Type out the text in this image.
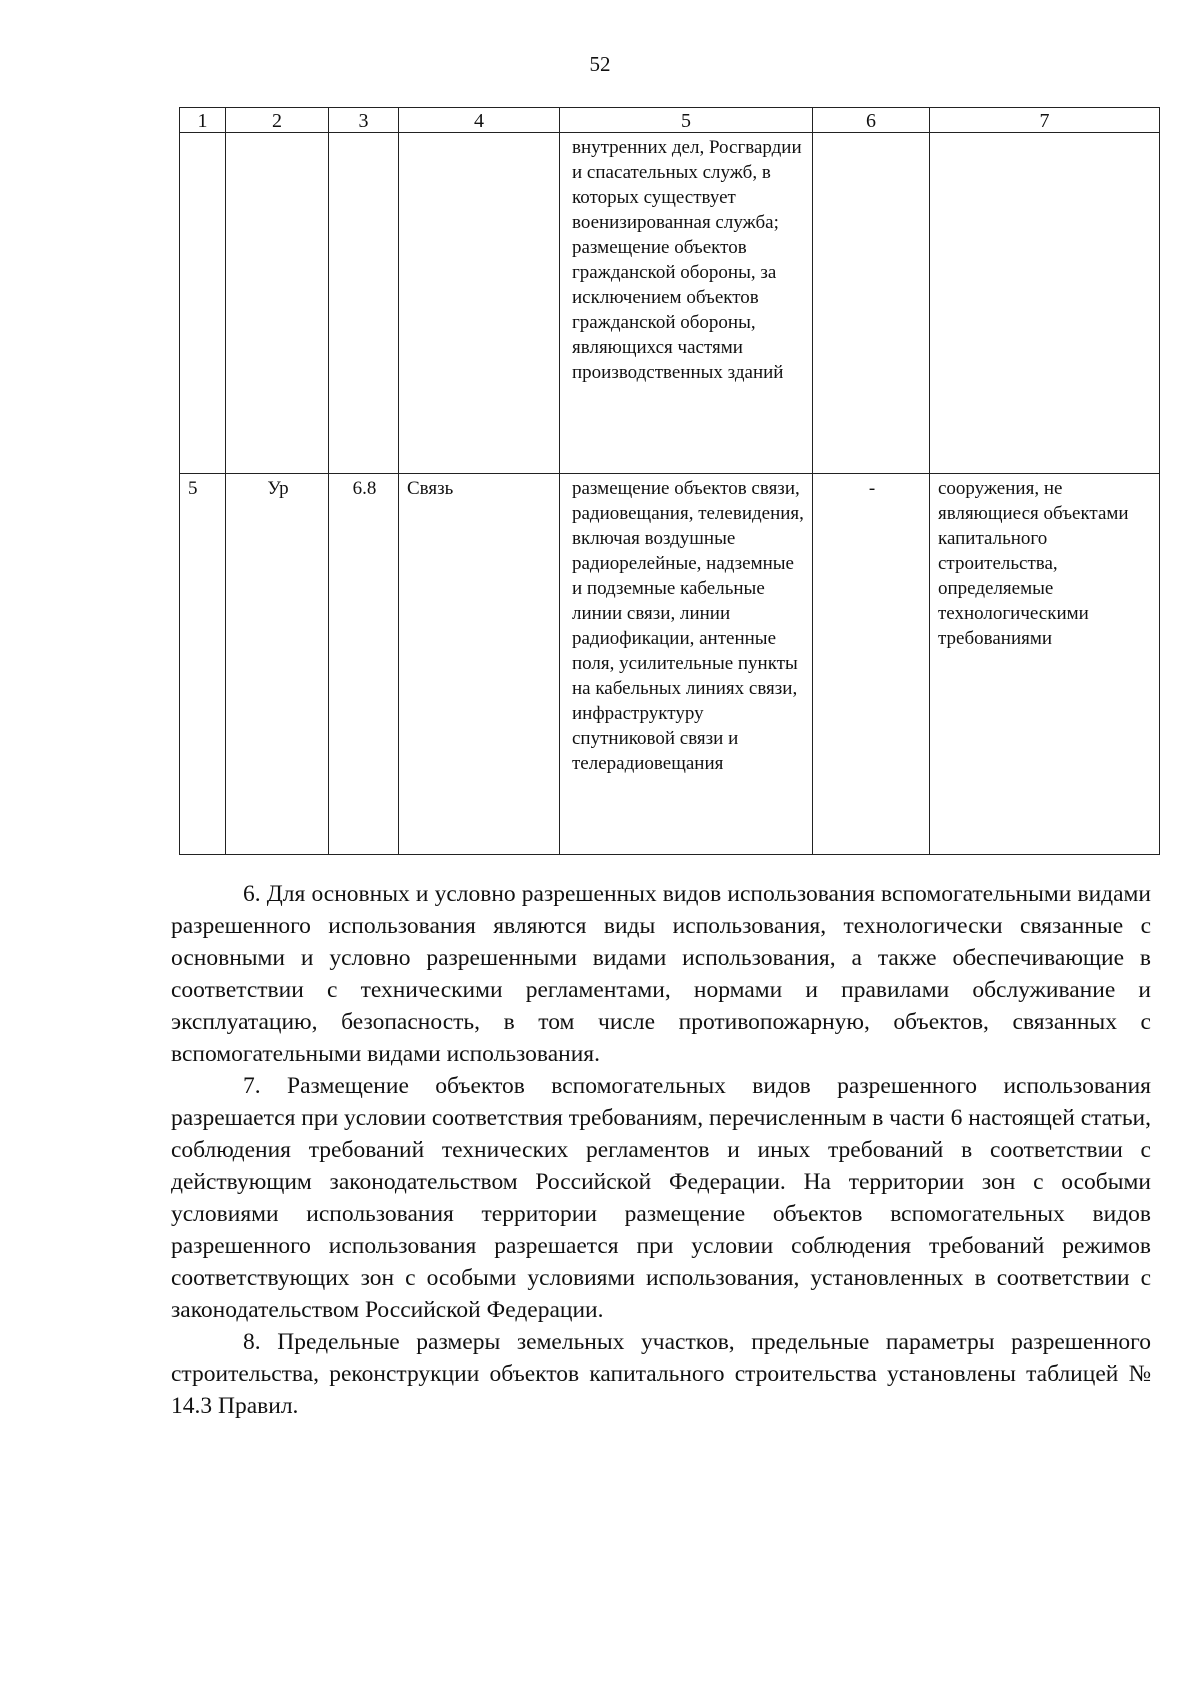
52
1	2	3	4	5	6	7
				внутренних дел, Росгвардии и спасательных служб, в которых существует военизированная служба; размещение объектов гражданской обороны, за исключением объектов гражданской обороны, являющихся частями производственных зданий		
5	Ур	6.8	Связь	размещение объектов связи, радиовещания, телевидения, включая воздушные радиорелейные, надземные и подземные кабельные линии связи, линии радиофикации, антенные поля, усилительные пункты на кабельных линиях связи, инфраструктуру спутниковой связи и телерадиовещания	-	сооружения, не являющиеся объектами капитального строительства, определяемые технологическими требованиями

6. Для основных и условно разрешенных видов использования вспомогательными видами разрешенного использования являются виды использования, технологически связанные с основными и условно разрешенными видами использования, а также обеспечивающие в соответствии с техническими регламентами, нормами и правилами обслуживание и эксплуатацию, безопасность, в том числе противопожарную, объектов, связанных с вспомогательными видами использования.

7. Размещение объектов вспомогательных видов разрешенного использования разрешается при условии соответствия требованиям, перечисленным в части 6 настоящей статьи, соблюдения требований технических регламентов и иных требований в соответствии с действующим законодательством Российской Федерации. На территории зон с особыми условиями использования территории размещение объектов вспомогательных видов разрешенного использования разрешается при условии соблюдения требований режимов соответствующих зон с особыми условиями использования, установленных в соответствии с законодательством Российской Федерации.

8. Предельные размеры земельных участков, предельные параметры разрешенного строительства, реконструкции объектов капитального строительства установлены таблицей № 14.3 Правил.
